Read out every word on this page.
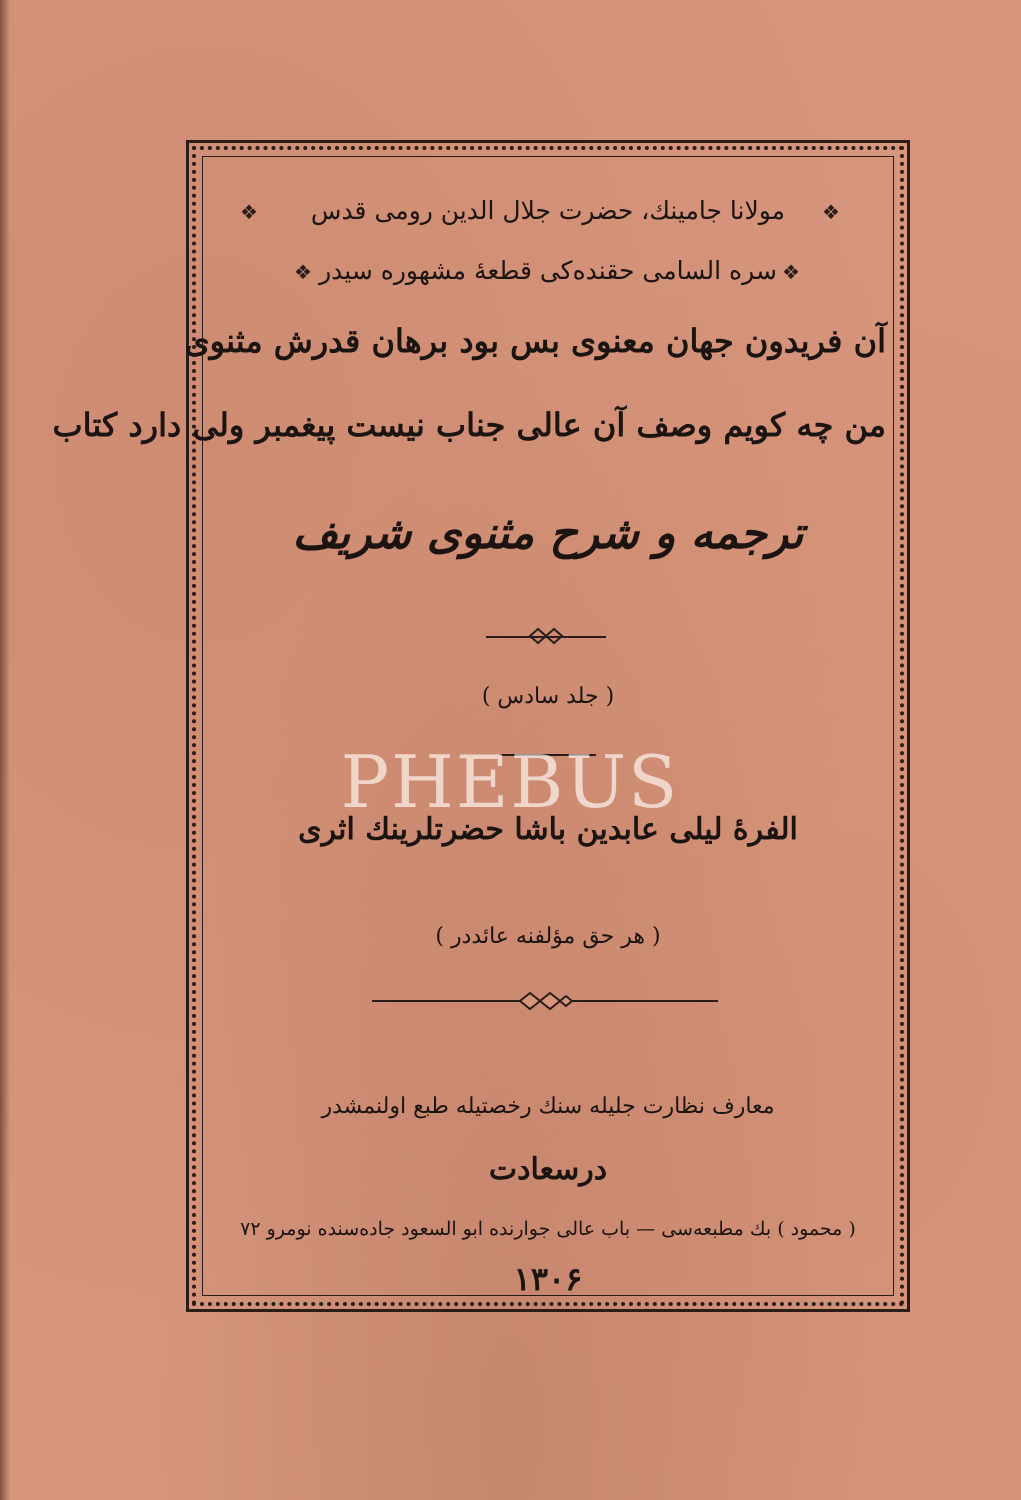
❖	❖
مولانا جامینك، حضرت جلال الدین رومی قدس
❖	❖
سره السامی حقنده‌کی قطعهٔ مشهوره سیدر
آن فریدون جهان معنوی بس بود برهان قدرش مثنوی
من چه کویم وصف آن عالی جناب نیست پیغمبر ولی دارد کتاب
ترجمه و شرح مثنوی شریف
( جلد سادس )
الفرهٔ لیلی عابدین باشا حضرتلرینك اثری
( هر حق مؤلفنه عائددر )
معارف نظارت جلیله سنك رخصتیله طبع اولنمشدر
درسعادت
( محمود ) بك مطبعه‌سی — باب عالی جوارنده ابو السعود جاده‌سنده نومرو ۷۲
۱۳۰۶
PHEBUS
